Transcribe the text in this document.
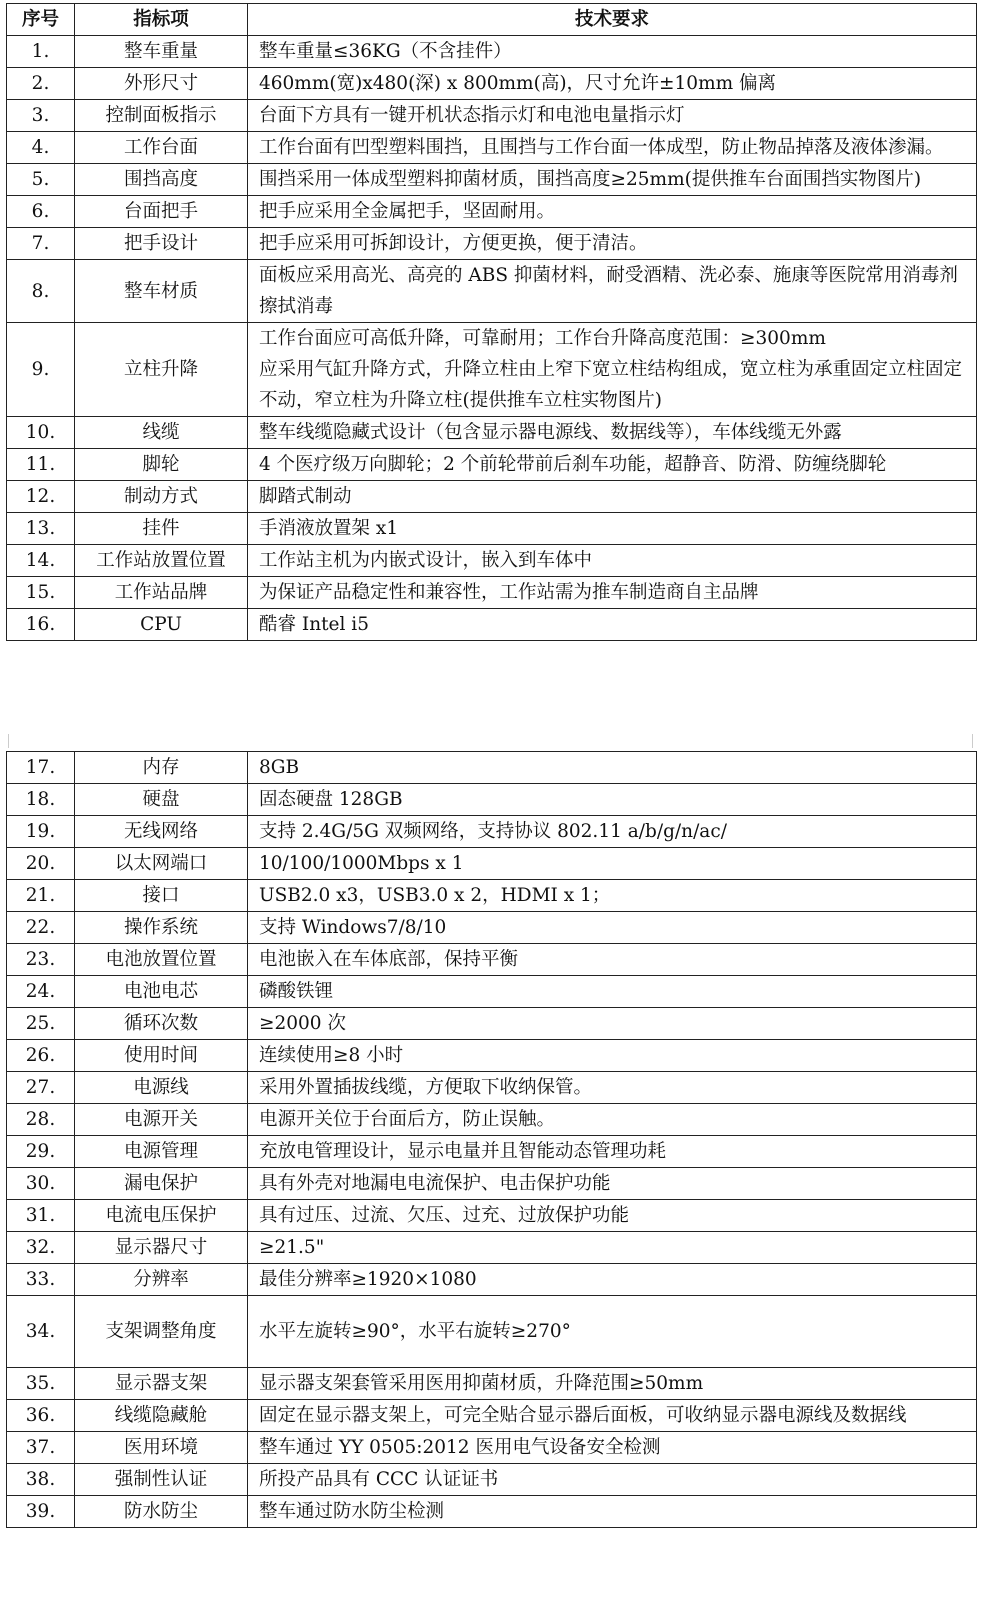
序号	指标项	技术要求
1.	整车重量	整车重量≤36KG（不含挂件）
2.	外形尺寸	460mm(宽)x480(深) x 800mm(高)，尺寸允许±10mm 偏离
3.	控制面板指示	台面下方具有一键开机状态指示灯和电池电量指示灯
4.	工作台面	工作台面有凹型塑料围挡，且围挡与工作台面一体成型，防止物品掉落及液体渗漏。
5.	围挡高度	围挡采用一体成型塑料抑菌材质，围挡高度≥25mm(提供推车台面围挡实物图片)
6.	台面把手	把手应采用全金属把手，坚固耐用。
7.	把手设计	把手应采用可拆卸设计，方便更换，便于清洁。
8.	整车材质	面板应采用高光、高亮的 ABS 抑菌材料，耐受酒精、洗必泰、施康等医院常用消毒剂擦拭消毒
9.	立柱升降	工作台面应可高低升降，可靠耐用；工作台升降高度范围：≥300mm
应采用气缸升降方式，升降立柱由上窄下宽立柱结构组成，宽立柱为承重固定立柱固定不动，窄立柱为升降立柱(提供推车立柱实物图片)
10.	线缆	整车线缆隐藏式设计（包含显示器电源线、数据线等），车体线缆无外露
11.	脚轮	4 个医疗级万向脚轮；2 个前轮带前后刹车功能，超静音、防滑、防缠绕脚轮
12.	制动方式	脚踏式制动
13.	挂件	手消液放置架 x1
14.	工作站放置位置	工作站主机为内嵌式设计，嵌入到车体中
15.	工作站品牌	为保证产品稳定性和兼容性，工作站需为推车制造商自主品牌
16.	CPU	酷睿 Intel i5
17.	内存	8GB
18.	硬盘	固态硬盘 128GB
19.	无线网络	支持 2.4G/5G 双频网络，支持协议 802.11 a/b/g/n/ac/
20.	以太网端口	10/100/1000Mbps x 1
21.	接口	USB2.0 x3，USB3.0 x 2，HDMI x 1；
22.	操作系统	支持 Windows7/8/10
23.	电池放置位置	电池嵌入在车体底部，保持平衡
24.	电池电芯	磷酸铁锂
25.	循环次数	≥2000 次
26.	使用时间	连续使用≥8 小时
27.	电源线	采用外置插拔线缆，方便取下收纳保管。
28.	电源开关	电源开关位于台面后方，防止误触。
29.	电源管理	充放电管理设计，显示电量并且智能动态管理功耗
30.	漏电保护	具有外壳对地漏电电流保护、电击保护功能
31.	电流电压保护	具有过压、过流、欠压、过充、过放保护功能
32.	显示器尺寸	≥21.5"
33.	分辨率	最佳分辨率≥1920×1080
34.	支架调整角度	水平左旋转≥90°，水平右旋转≥270°
35.	显示器支架	显示器支架套管采用医用抑菌材质，升降范围≥50mm
36.	线缆隐藏舱	固定在显示器支架上，可完全贴合显示器后面板，可收纳显示器电源线及数据线
37.	医用环境	整车通过 YY 0505:2012 医用电气设备安全检测
38.	强制性认证	所投产品具有 CCC 认证证书
39.	防水防尘	整车通过防水防尘检测
